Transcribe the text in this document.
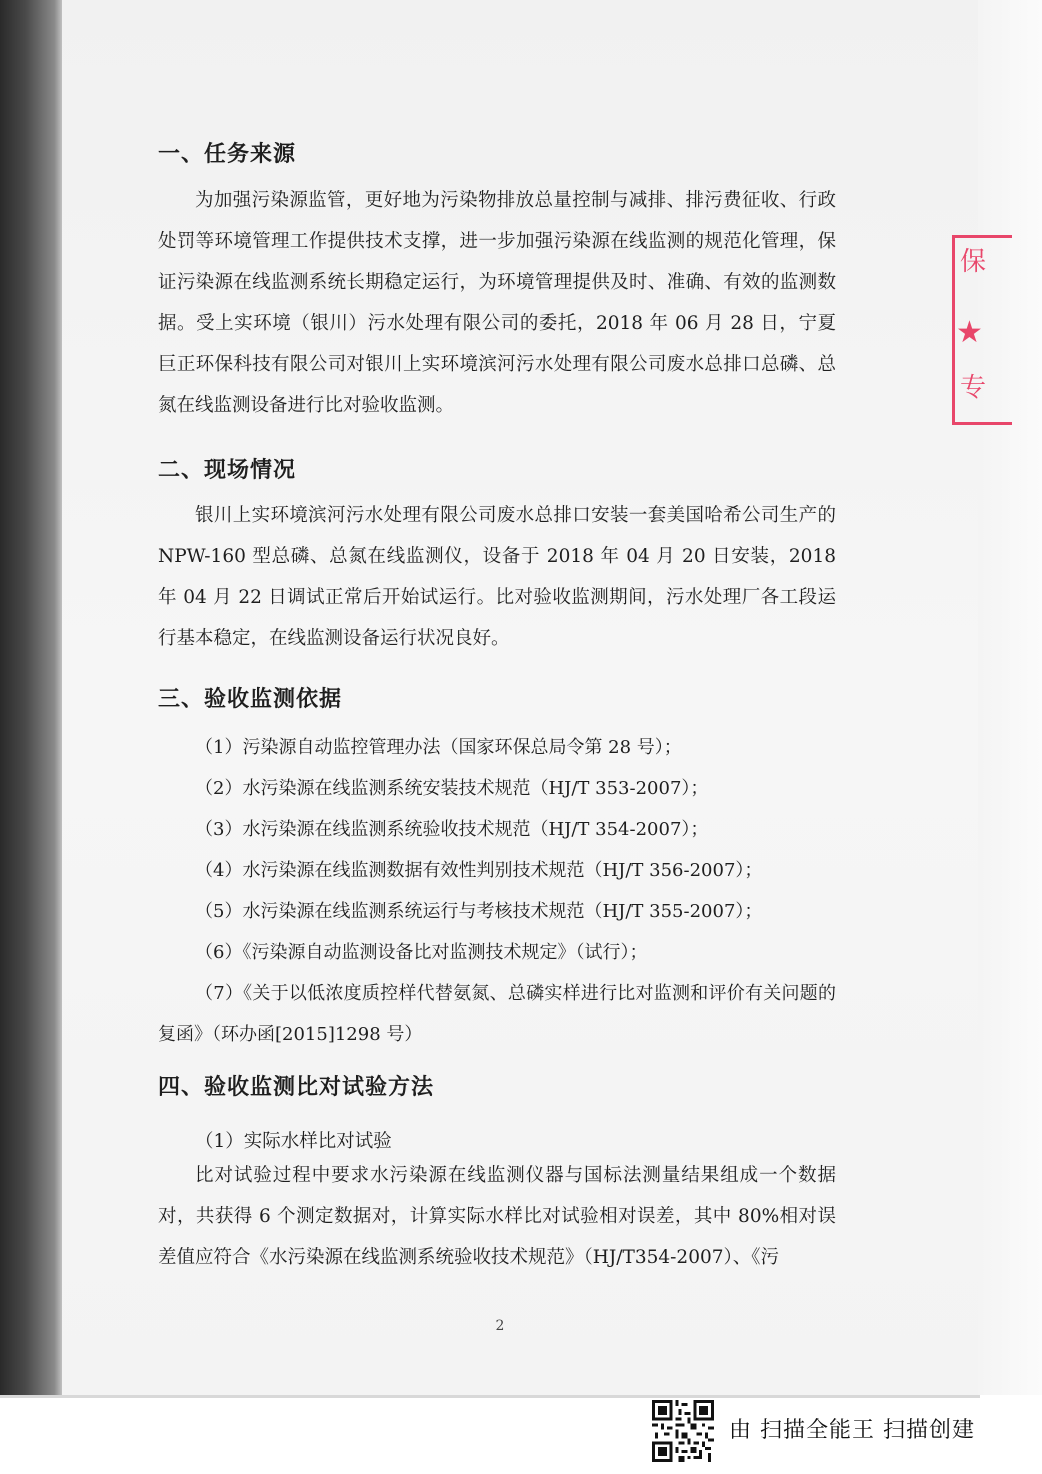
一、任务来源

为加强污染源监管，更好地为污染物排放总量控制与减排、排污费征收、行政处罚等环境管理工作提供技术支撑，进一步加强污染源在线监测的规范化管理，保证污染源在线监测系统长期稳定运行，为环境管理提供及时、准确、有效的监测数据。受上实环境（银川）污水处理有限公司的委托，2018 年 06 月 28 日，宁夏巨正环保科技有限公司对银川上实环境滨河污水处理有限公司废水总排口总磷、总氮在线监测设备进行比对验收监测。

二、现场情况

银川上实环境滨河污水处理有限公司废水总排口安装一套美国哈希公司生产的 NPW-160 型总磷、总氮在线监测仪，设备于 2018 年 04 月 20 日安装，2018 年 04 月 22 日调试正常后开始试运行。比对验收监测期间，污水处理厂各工段运行基本稳定，在线监测设备运行状况良好。

三、验收监测依据
（1）污染源自动监控管理办法（国家环保总局令第 28 号）；
（2）水污染源在线监测系统安装技术规范（HJ/T 353-2007）；
（3）水污染源在线监测系统验收技术规范（HJ/T 354-2007）；
（4）水污染源在线监测数据有效性判别技术规范（HJ/T 356-2007）；
（5）水污染源在线监测系统运行与考核技术规范（HJ/T 355-2007）；
（6）《污染源自动监测设备比对监测技术规定》（试行）；
（7）《关于以低浓度质控样代替氨氮、总磷实样进行比对监测和评价有关问题的复函》（环办函[2015]1298 号）
四、验收监测比对试验方法

（1）实际水样比对试验

比对试验过程中要求水污染源在线监测仪器与国标法测量结果组成一个数据对，共获得 6 个测定数据对，计算实际水样比对试验相对误差，其中 80%相对误差值应符合《水污染源在线监测系统验收技术规范》（HJ/T354-2007）、《污

2
保
★
专

由 扫描全能王 扫描创建
